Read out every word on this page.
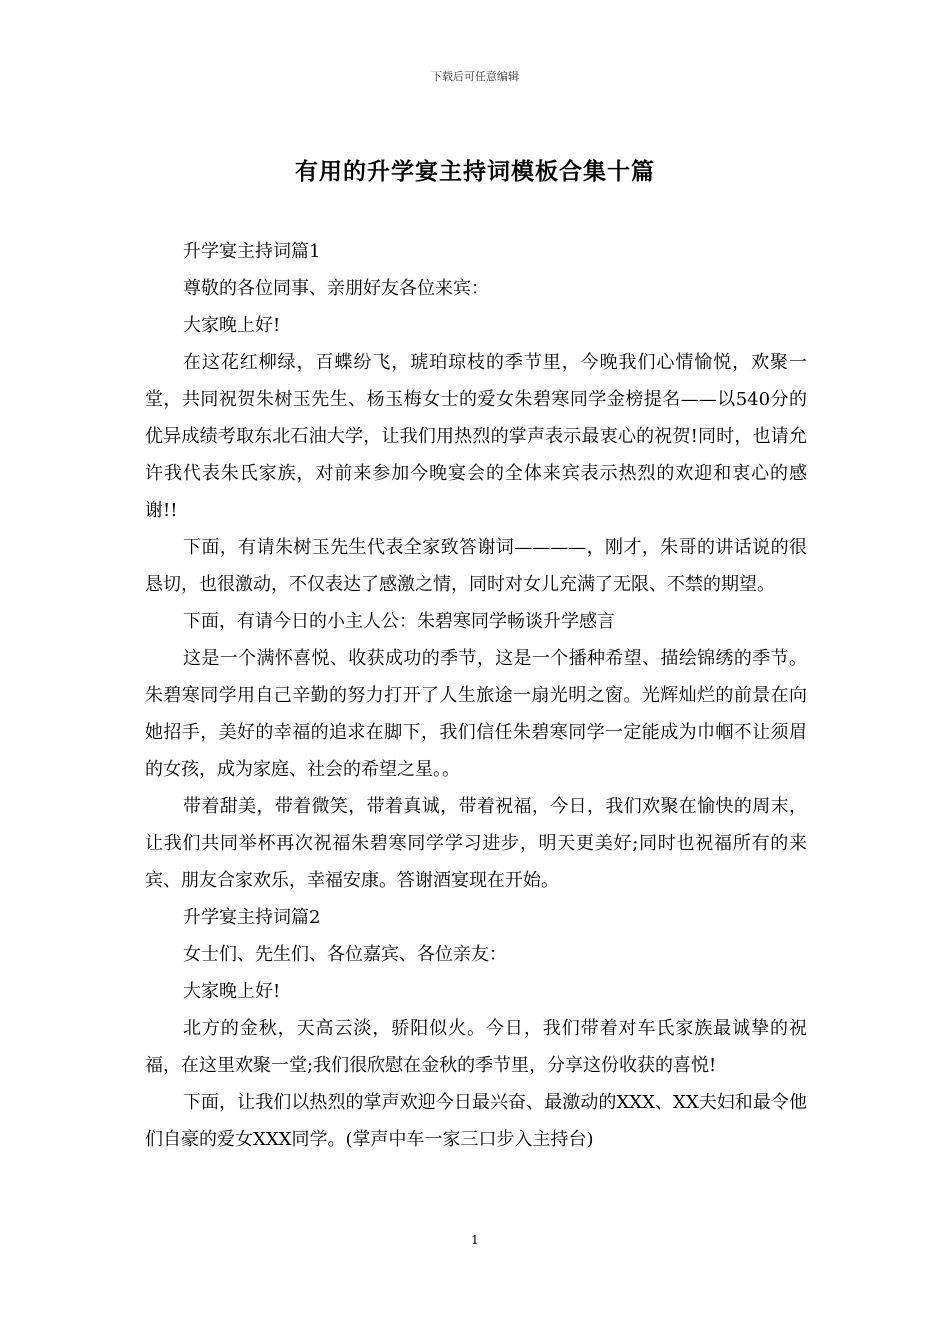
下载后可任意编辑
有用的升学宴主持词模板合集十篇

升学宴主持词篇1

尊敬的各位同事、亲朋好友各位来宾：

大家晚上好!

在这花红柳绿，百蝶纷飞，琥珀琼枝的季节里，今晚我们心情愉悦，欢聚一堂，共同祝贺朱树玉先生、杨玉梅女士的爱女朱碧寒同学金榜提名——以540分的优异成绩考取东北石油大学，让我们用热烈的掌声表示最衷心的祝贺!同时，也请允许我代表朱氏家族，对前来参加今晚宴会的全体来宾表示热烈的欢迎和衷心的感谢!!

下面，有请朱树玉先生代表全家致答谢词————，刚才，朱哥的讲话说的很恳切，也很激动，不仅表达了感激之情，同时对女儿充满了无限、不禁的期望。

下面，有请今日的小主人公：朱碧寒同学畅谈升学感言

这是一个满怀喜悦、收获成功的季节，这是一个播种希望、描绘锦绣的季节。朱碧寒同学用自己辛勤的努力打开了人生旅途一扇光明之窗。光辉灿烂的前景在向她招手，美好的幸福的追求在脚下，我们信任朱碧寒同学一定能成为巾帼不让须眉的女孩，成为家庭、社会的希望之星。。

带着甜美，带着微笑，带着真诚，带着祝福，今日，我们欢聚在愉快的周末，让我们共同举杯再次祝福朱碧寒同学学习进步，明天更美好;同时也祝福所有的来宾、朋友合家欢乐，幸福安康。答谢酒宴现在开始。

升学宴主持词篇2

女士们、先生们、各位嘉宾、各位亲友：

大家晚上好!

北方的金秋，天高云淡，骄阳似火。今日，我们带着对车氏家族最诚挚的祝福，在这里欢聚一堂;我们很欣慰在金秋的季节里，分享这份收获的喜悦!

下面，让我们以热烈的掌声欢迎今日最兴奋、最激动的XXX、XX夫妇和最令他们自豪的爱女XXX同学。(掌声中车一家三口步入主持台)

1
